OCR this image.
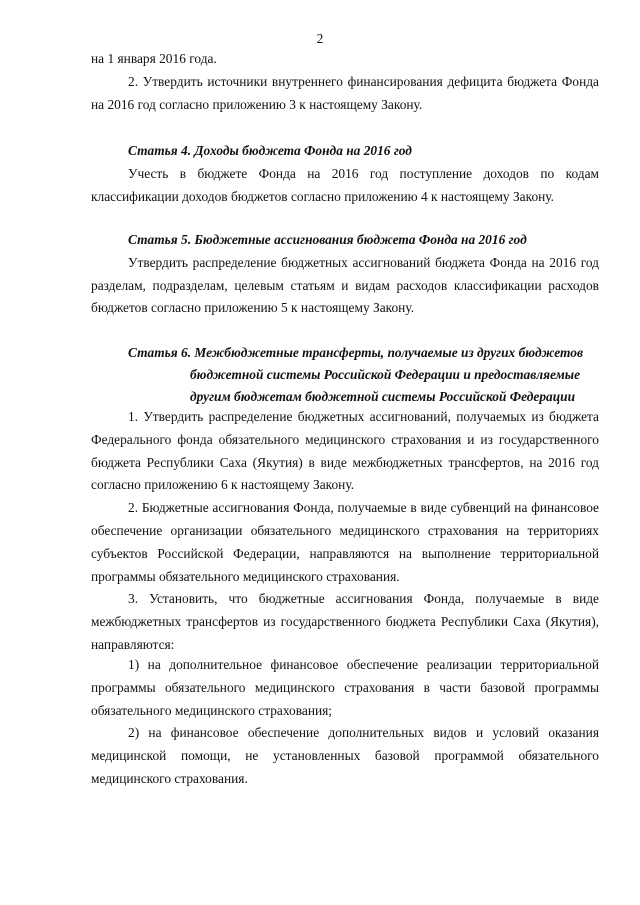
2
на 1 января 2016 года.
2. Утвердить источники внутреннего финансирования дефицита бюджета Фонда
на 2016 год согласно приложению 3 к настоящему Закону.
Статья 4. Доходы бюджета Фонда на 2016 год
Учесть в бюджете Фонда на 2016 год поступление доходов по кодам
классификации доходов бюджетов согласно приложению 4 к настоящему Закону.
Статья 5. Бюджетные ассигнования бюджета Фонда на 2016 год
Утвердить распределение бюджетных ассигнований бюджета Фонда на 2016 год
разделам, подразделам, целевым статьям и видам расходов классификации расходов
бюджетов согласно приложению 5 к настоящему Закону.
Статья 6. Межбюджетные трансферты, получаемые из других бюджетов
бюджетной системы Российской Федерации и предоставляемые
другим бюджетам бюджетной системы Российской Федерации
1. Утвердить распределение бюджетных ассигнований, получаемых из бюджета
Федерального фонда обязательного медицинского страхования и из государственного
бюджета Республики Саха (Якутия) в виде межбюджетных трансфертов, на 2016 год
согласно приложению 6 к настоящему Закону.
2. Бюджетные ассигнования Фонда, получаемые в виде субвенций на финансовое
обеспечение организации обязательного медицинского страхования на территориях
субъектов Российской Федерации, направляются на выполнение территориальной
программы обязательного медицинского страхования.
3. Установить, что бюджетные ассигнования Фонда, получаемые в виде
межбюджетных трансфертов из государственного бюджета Республики Саха (Якутия),
направляются:
1) на дополнительное финансовое обеспечение реализации территориальной
программы обязательного медицинского страхования в части базовой программы
обязательного медицинского страхования;
2) на финансовое обеспечение дополнительных видов и условий оказания
медицинской помощи, не установленных базовой программой обязательного
медицинского страхования.
